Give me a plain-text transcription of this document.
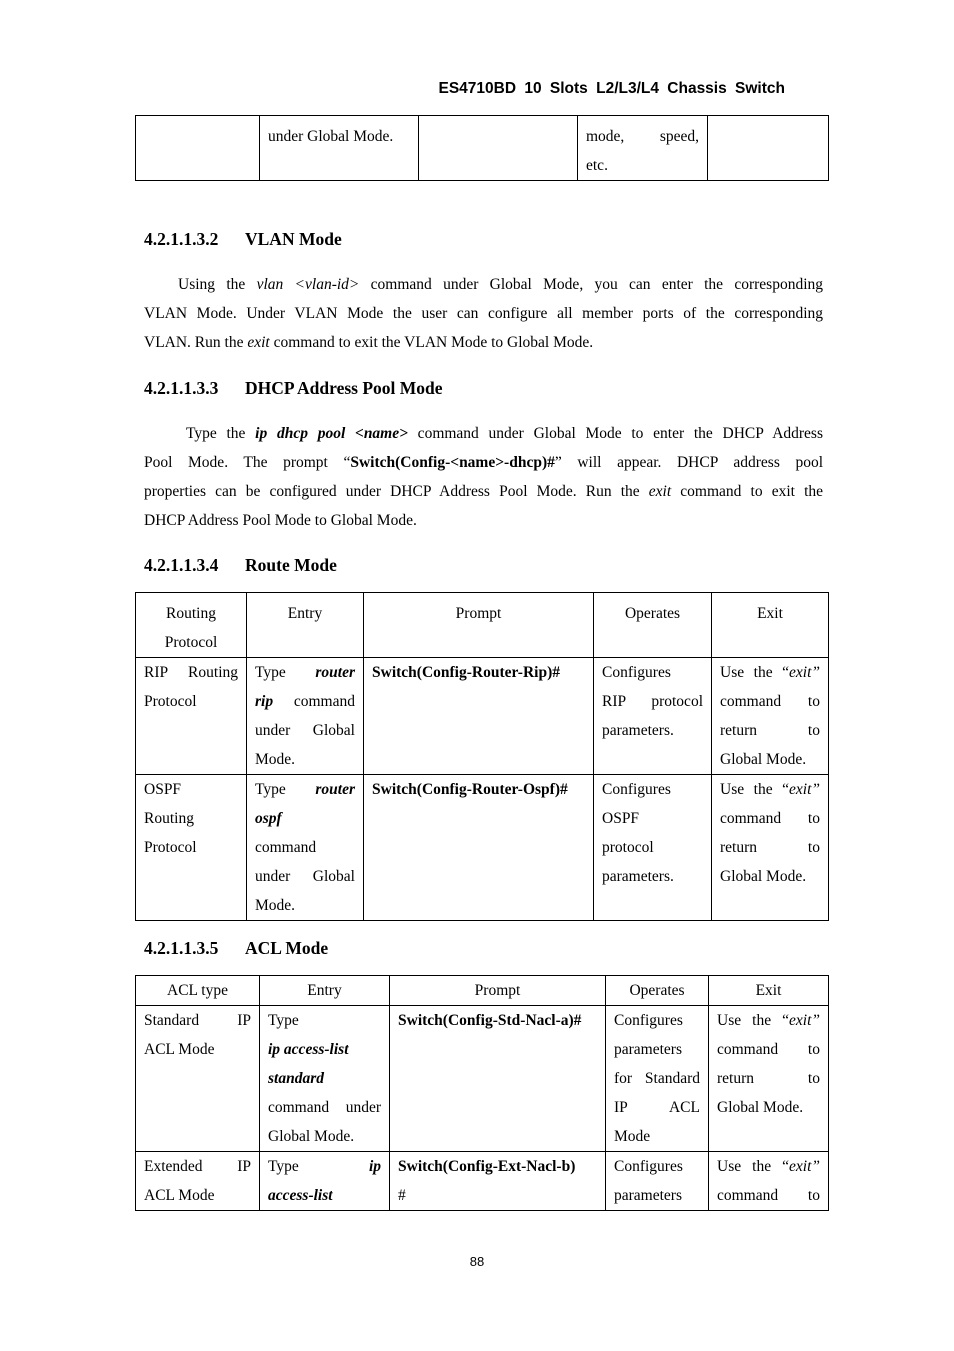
ES4710BD 10 Slots L2/L3/L4 Chassis Switch
	under Global Mode.		mode, speed,
etc.

4.2.1.1.3.2 VLAN Mode
Using the vlan <vlan-id> command under Global Mode, you can enter the corresponding
VLAN Mode. Under VLAN Mode the user can configure all member ports of the corresponding
VLAN. Run the exit command to exit the VLAN Mode to Global Mode.
4.2.1.1.3.3 DHCP Address Pool Mode
Type the ip dhcp pool <name> command under Global Mode to enter the DHCP Address
Pool Mode. The prompt “Switch(Config-<name>-dhcp)#” will appear. DHCP address pool
properties can be configured under DHCP Address Pool Mode. Run the exit command to exit the
DHCP Address Pool Mode to Global Mode.
4.2.1.1.3.4 Route Mode
Routing
Protocol	Entry	Prompt	Operates	Exit

RIP Routing
Protocol	Type router
rip command
under Global
Mode.	Switch(Config-Router-Rip)#	Configures
RIP protocol
parameters.	Use the “exit”
command to
return to
Global Mode.

OSPF
Routing
Protocol	Type router
ospf
command
under Global
Mode.	Switch(Config-Router-Ospf)#	Configures
OSPF
protocol
parameters.	Use the “exit”
command to
return to
Global Mode.
4.2.1.1.3.5 ACL Mode
ACL type	Entry	Prompt	Operates	Exit

Standard IP
ACL Mode	Type
ip access-list
standard
command under
Global Mode.	Switch(Config-Std-Nacl-a)#	Configures
parameters
for Standard
IP ACL
Mode	Use the “exit”
command to
return to
Global Mode.

Extended IP
ACL Mode	Type ip
access-list	Switch(Config-Ext-Nacl-b)
#	Configures
parameters	Use the “exit”
command to
88
